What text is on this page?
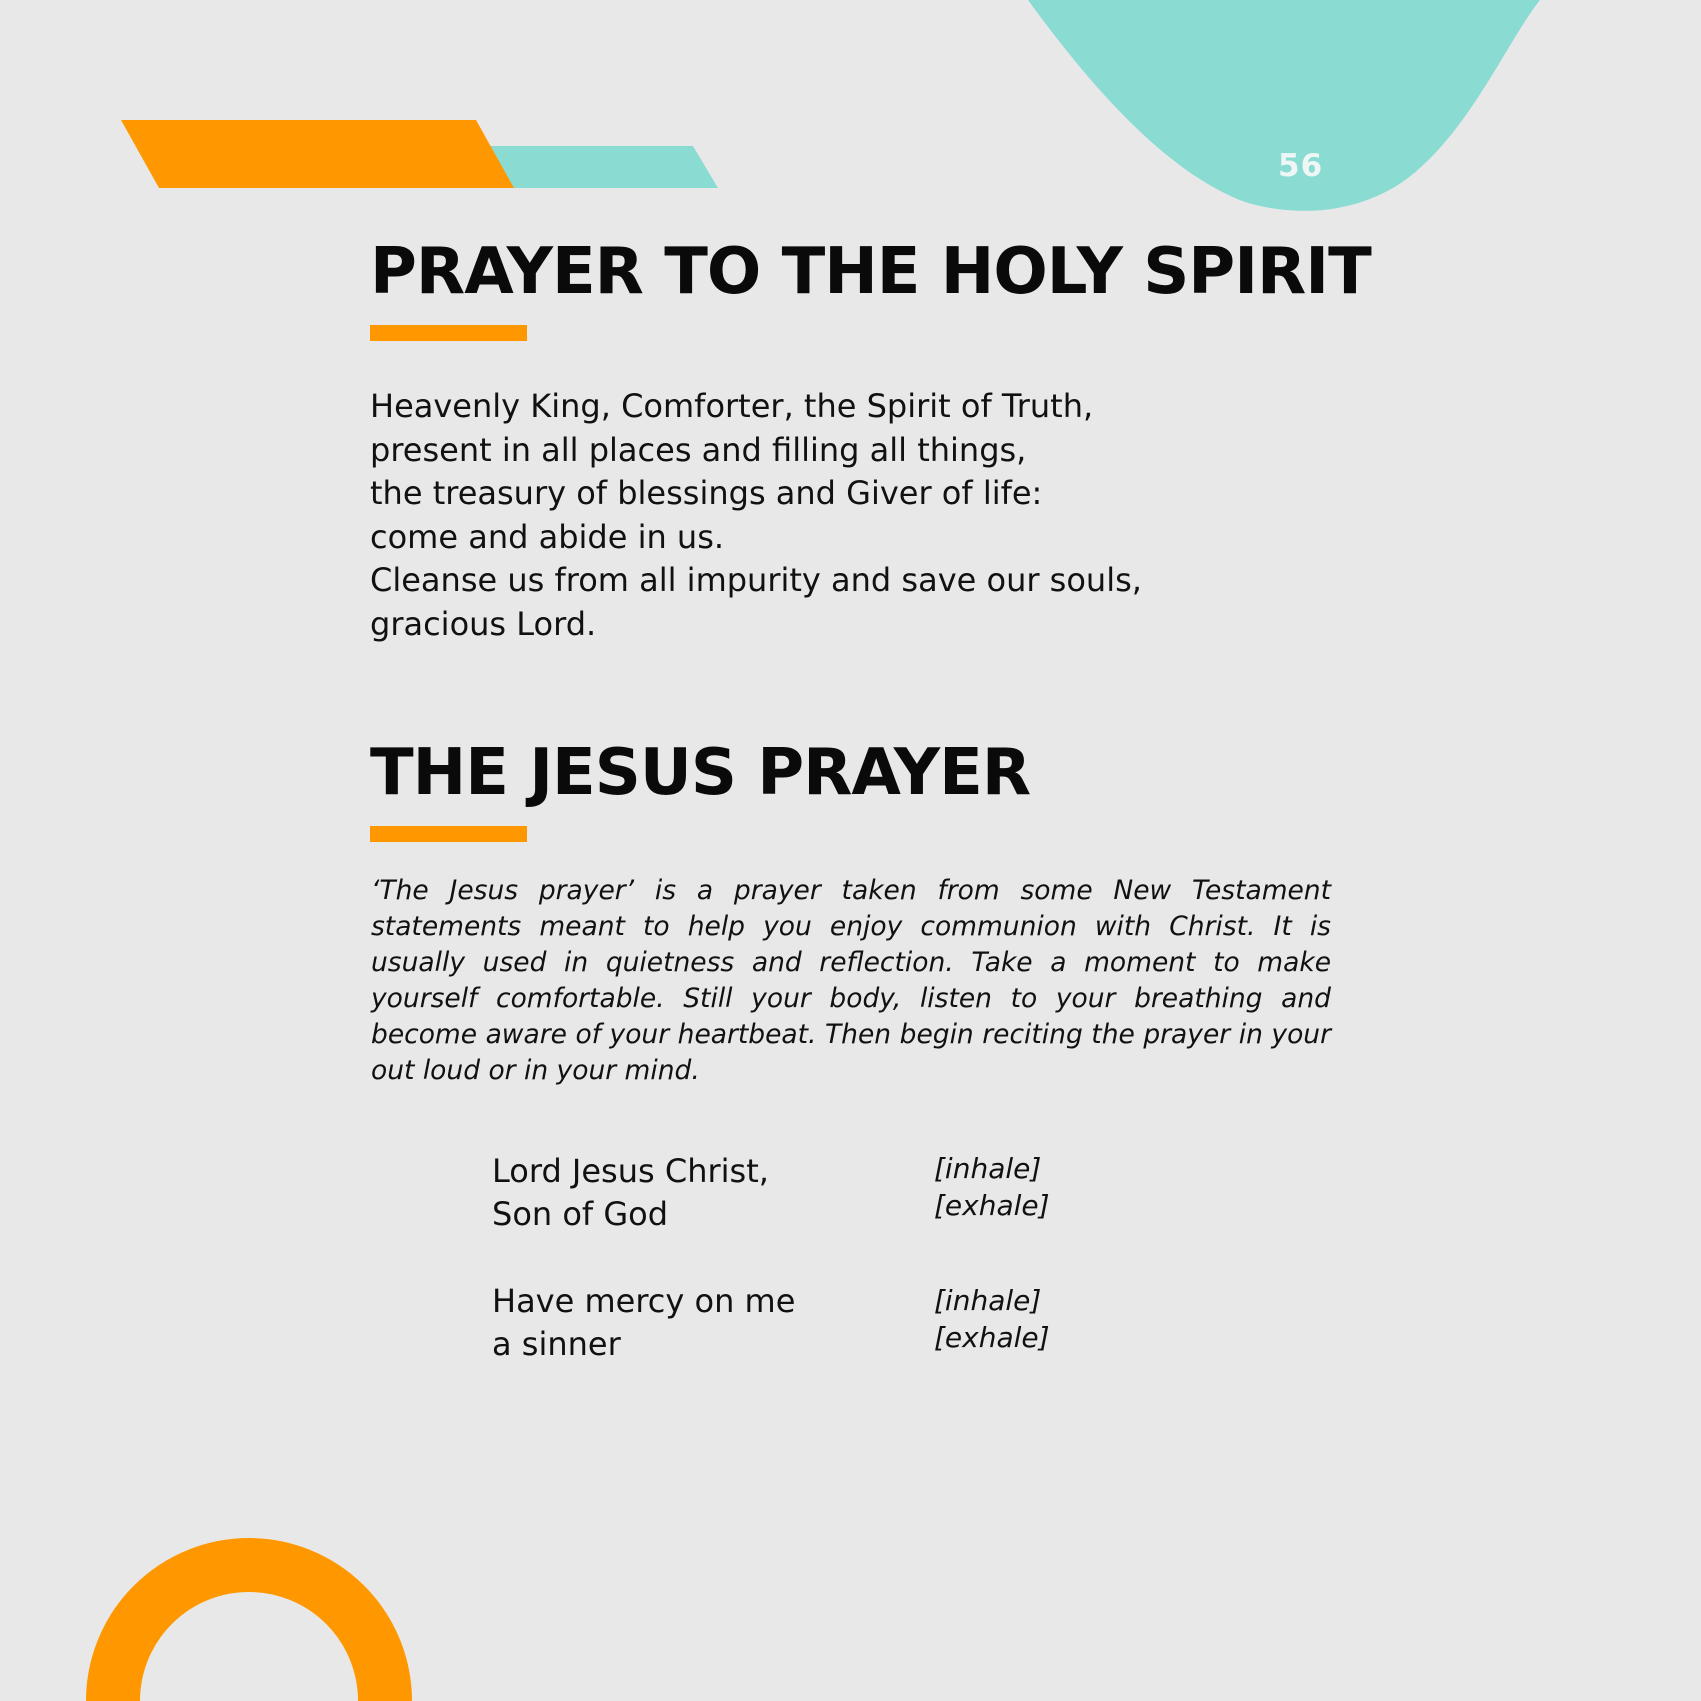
56
PRAYER TO THE HOLY SPIRIT

Heavenly King, Comforter, the Spirit of Truth,
present in all places and filling all things,
the treasury of blessings and Giver of life:
come and abide in us.
Cleanse us from all impurity and save our souls,
gracious Lord.

THE JESUS PRAYER

‘The Jesus prayer’ is a prayer taken from some New Testament statements meant to help you enjoy communion with Christ. It is usually used in quietness and reflection. Take a moment to make yourself comfortable. Still your body, listen to your breathing and become aware of your heartbeat. Then begin reciting the prayer in your out loud or in your mind.

Lord Jesus Christ,
Son of God
[inhale]
[exhale]
Have mercy on me
a sinner
[inhale]
[exhale]
